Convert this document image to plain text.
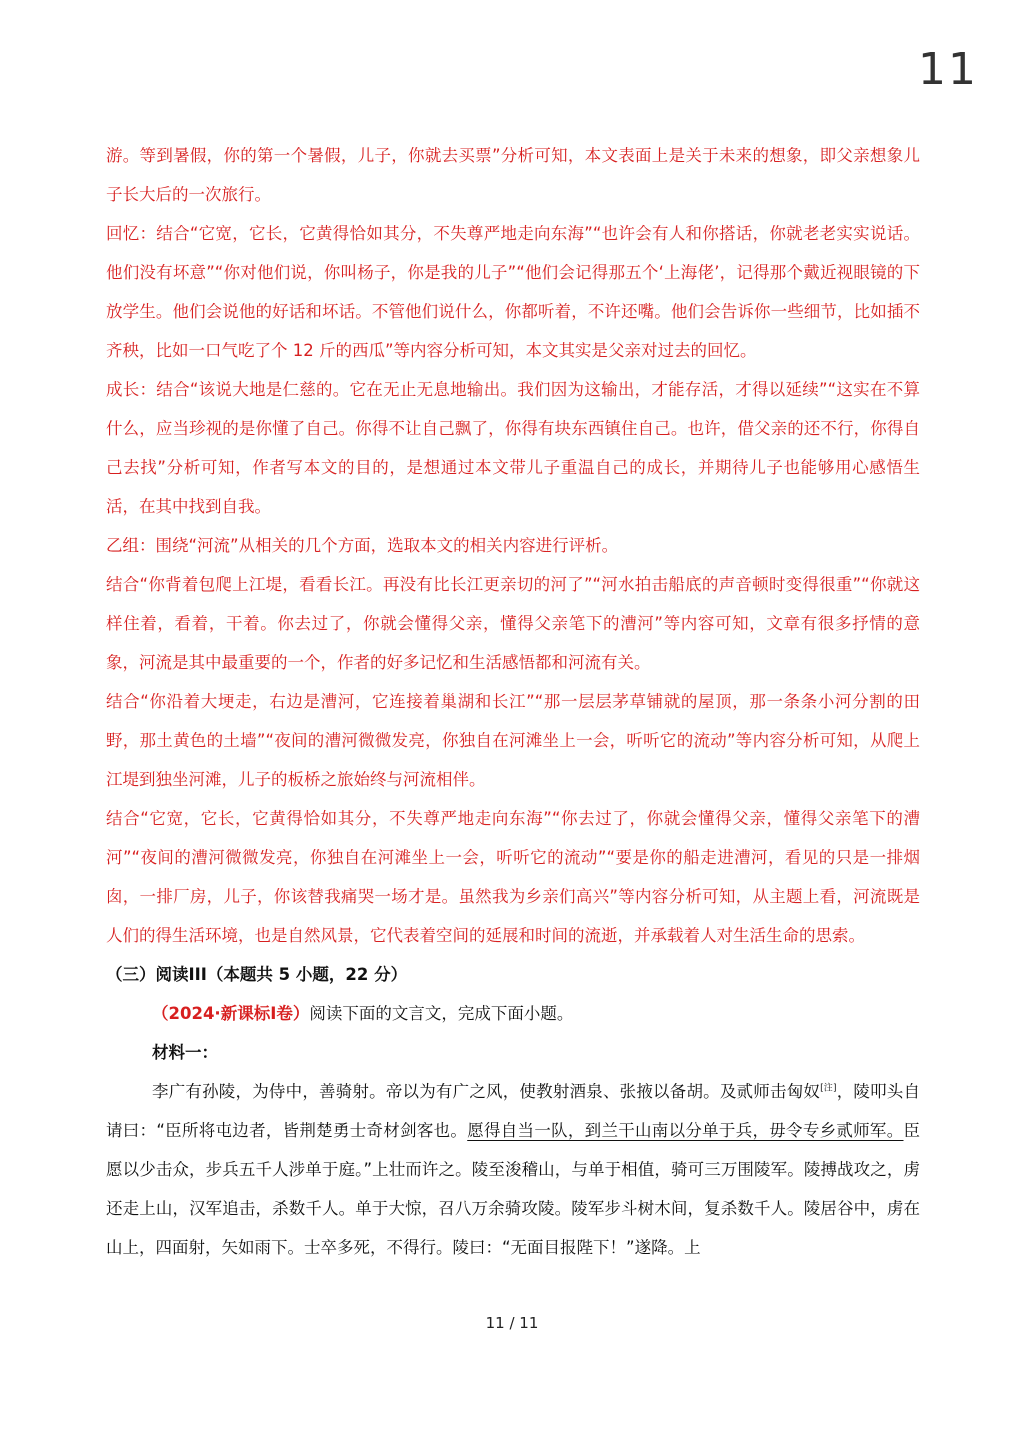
11

游。等到暑假，你的第一个暑假，儿子，你就去买票”分析可知，本文表面上是关于未来的想象，即父亲想象儿子长大后的一次旅行。

回忆：结合“它宽，它长，它黄得恰如其分，不失尊严地走向东海”“也许会有人和你搭话，你就老老实实说话。他们没有坏意”“你对他们说，你叫杨子，你是我的儿子”“他们会记得那五个‘上海佬’，记得那个戴近视眼镜的下放学生。他们会说他的好话和坏话。不管他们说什么，你都听着，不许还嘴。他们会告诉你一些细节，比如插不齐秧，比如一口气吃了个 12 斤的西瓜”等内容分析可知，本文其实是父亲对过去的回忆。

成长：结合“该说大地是仁慈的。它在无止无息地输出。我们因为这输出，才能存活，才得以延续”“这实在不算什么，应当珍视的是你懂了自己。你得不让自己飘了，你得有块东西镇住自己。也许，借父亲的还不行，你得自己去找”分析可知，作者写本文的目的，是想通过本文带儿子重温自己的成长，并期待儿子也能够用心感悟生活，在其中找到自我。

乙组：围绕“河流”从相关的几个方面，选取本文的相关内容进行评析。

结合“你背着包爬上江堤，看看长江。再没有比长江更亲切的河了”“河水拍击船底的声音顿时变得很重”“你就这样住着，看着，干着。你去过了，你就会懂得父亲，懂得父亲笔下的漕河”等内容可知，文章有很多抒情的意象，河流是其中最重要的一个，作者的好多记忆和生活感悟都和河流有关。

结合“你沿着大埂走，右边是漕河，它连接着巢湖和长江”“那一层层茅草铺就的屋顶，那一条条小河分割的田野，那土黄色的土墙”“夜间的漕河微微发亮，你独自在河滩坐上一会，听听它的流动”等内容分析可知，从爬上江堤到独坐河滩，儿子的板桥之旅始终与河流相伴。

结合“它宽，它长，它黄得恰如其分，不失尊严地走向东海”“你去过了，你就会懂得父亲，懂得父亲笔下的漕河”“夜间的漕河微微发亮，你独自在河滩坐上一会，听听它的流动”“要是你的船走进漕河，看见的只是一排烟囱，一排厂房，儿子，你该替我痛哭一场才是。虽然我为乡亲们高兴”等内容分析可知，从主题上看，河流既是人们的得生活环境，也是自然风景，它代表着空间的延展和时间的流逝，并承载着人对生活生命的思索。

（三）阅读III（本题共 5 小题，22 分）

（2024·新课标I卷）阅读下面的文言文，完成下面小题。

材料一：

李广有孙陵，为侍中，善骑射。帝以为有广之风，使教射酒泉、张掖以备胡。及贰师击匈奴[注]，陵叩头自请曰：“臣所将屯边者，皆荆楚勇士奇材剑客也。愿得自当一队，到兰干山南以分单于兵，毋令专乡贰师军。臣愿以少击众，步兵五千人涉单于庭。”上壮而许之。陵至浚稽山，与单于相值，骑可三万围陵军。陵搏战攻之，虏还走上山，汉军追击，杀数千人。单于大惊，召八万余骑攻陵。陵军步斗树木间，复杀数千人。陵居谷中，虏在山上，四面射，矢如雨下。士卒多死，不得行。陵曰：“无面目报陛下！”遂降。上

11 / 11
